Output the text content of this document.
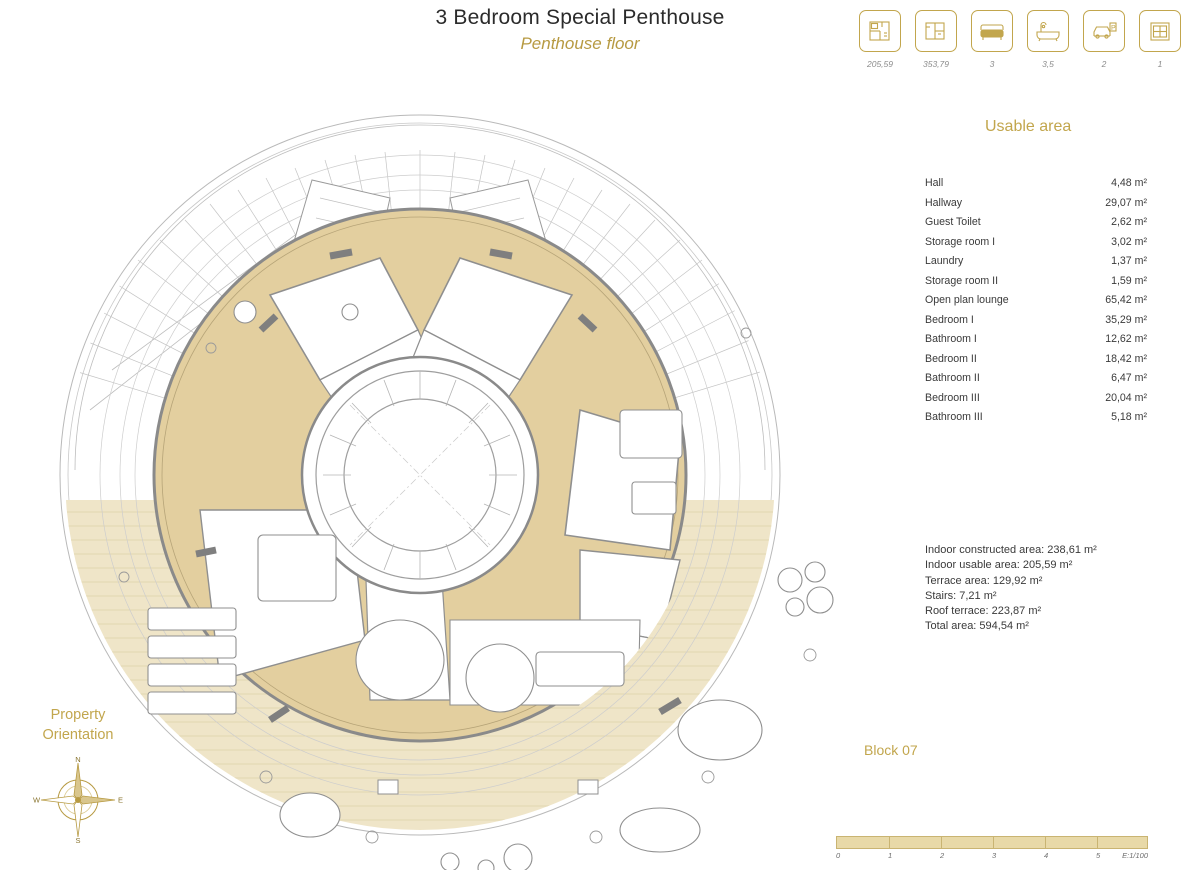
3 Bedroom Special Penthouse
Penthouse floor
205,59	353,79	3	3,5
P
2	1
Usable area
Hall	4,48 m²
Hallway	29,07 m²
Guest Toilet	2,62 m²
Storage room I	3,02 m²
Laundry	1,37 m²
Storage room II	1,59 m²
Open plan lounge	65,42 m²
Bedroom I	35,29 m²
Bathroom I	12,62 m²
Bedroom II	18,42 m²
Bathroom II	6,47 m²
Bedroom III	20,04 m²
Bathroom III	5,18 m²
Indoor constructed area: 238,61 m²
Indoor usable area: 205,59 m²
Terrace area: 129,92 m²
Stairs: 7,21 m²
Roof terrace: 223,87 m²
Total area: 594,54 m²
Block 07
Property
Orientation
N
S
W	E
0	1	2	3	4	5	E:1/100
